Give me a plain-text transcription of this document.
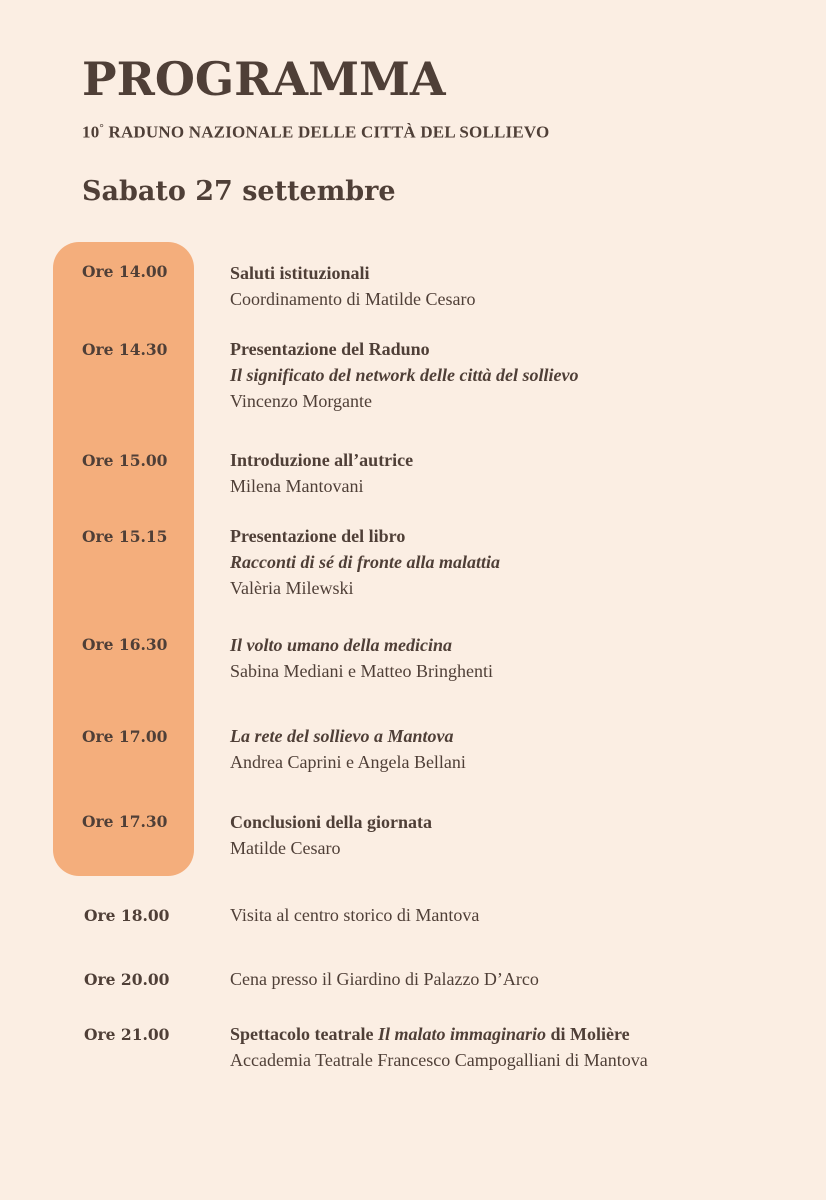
PROGRAMMA
10° RADUNO NAZIONALE DELLE CITTÀ DEL SOLLIEVO
Sabato 27 settembre
Ore 14.00	Saluti istituzionali
Coordinamento di Matilde Cesaro
Ore 14.30	Presentazione del Raduno
Il significato del network delle città del sollievo
Vincenzo Morgante
Ore 15.00	Introduzione all’autrice
Milena Mantovani
Ore 15.15	Presentazione del libro
Racconti di sé di fronte alla malattia
Valèria Milewski
Ore 16.30	Il volto umano della medicina
Sabina Mediani e Matteo Bringhenti
Ore 17.00	La rete del sollievo a Mantova
Andrea Caprini e Angela Bellani
Ore 17.30	Conclusioni della giornata
Matilde Cesaro
Ore 18.00	Visita al centro storico di Mantova
Ore 20.00	Cena presso il Giardino di Palazzo D’Arco
Ore 21.00	Spettacolo teatrale Il malato immaginario di Molière
Accademia Teatrale Francesco Campogalliani di Mantova
